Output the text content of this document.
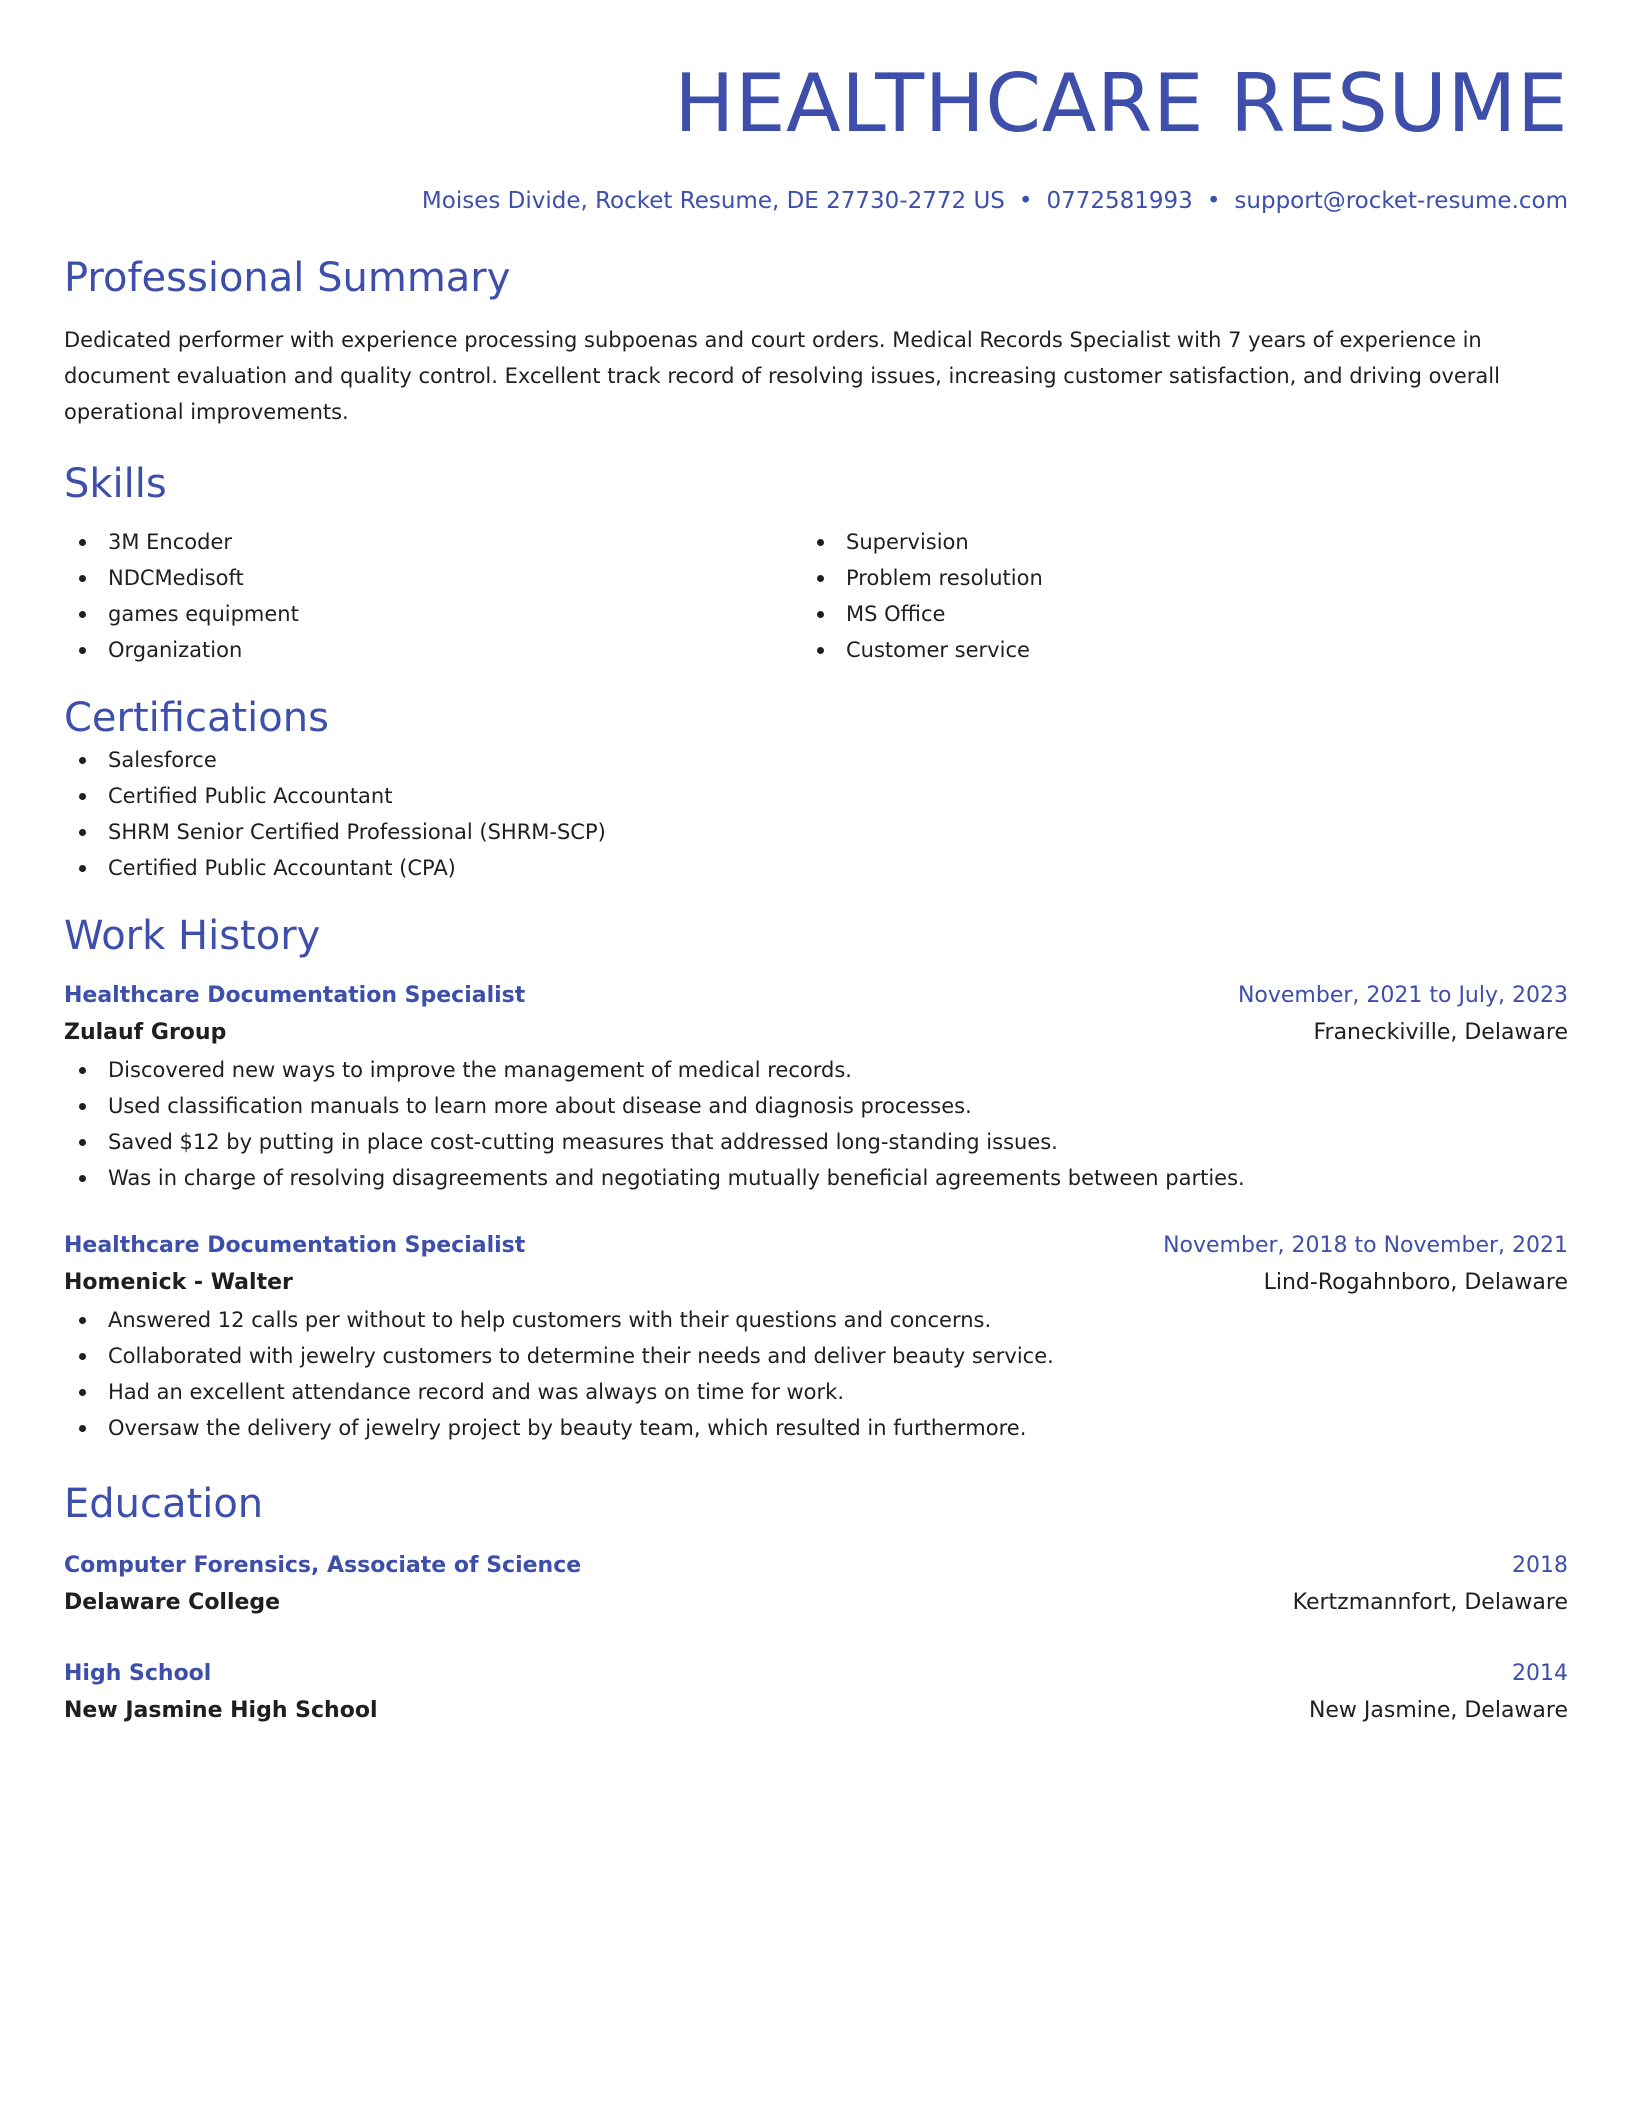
HEALTHCARE RESUME
Moises Divide, Rocket Resume, DE 27730-2772 US • 0772581993 • support@rocket-resume.com
Professional Summary
Dedicated performer with experience processing subpoenas and court orders. Medical Records Specialist with 7 years of experience in document evaluation and quality control. Excellent track record of resolving issues, increasing customer satisfaction, and driving overall operational improvements.
Skills
3M Encoder
NDCMedisoft
games equipment
Organization
Supervision
Problem resolution
MS Office
Customer service
Certifications
Salesforce
Certified Public Accountant
SHRM Senior Certified Professional (SHRM-SCP)
Certified Public Accountant (CPA)
Work History
Healthcare Documentation Specialist	November, 2021 to July, 2023
Zulauf Group	Franeckiville, Delaware
Discovered new ways to improve the management of medical records.
Used classification manuals to learn more about disease and diagnosis processes.
Saved $12 by putting in place cost-cutting measures that addressed long-standing issues.
Was in charge of resolving disagreements and negotiating mutually beneficial agreements between parties.
Healthcare Documentation Specialist	November, 2018 to November, 2021
Homenick - Walter	Lind-Rogahnboro, Delaware
Answered 12 calls per without to help customers with their questions and concerns.
Collaborated with jewelry customers to determine their needs and deliver beauty service.
Had an excellent attendance record and was always on time for work.
Oversaw the delivery of jewelry project by beauty team, which resulted in furthermore.
Education
Computer Forensics, Associate of Science	2018
Delaware College	Kertzmannfort, Delaware
High School	2014
New Jasmine High School	New Jasmine, Delaware
